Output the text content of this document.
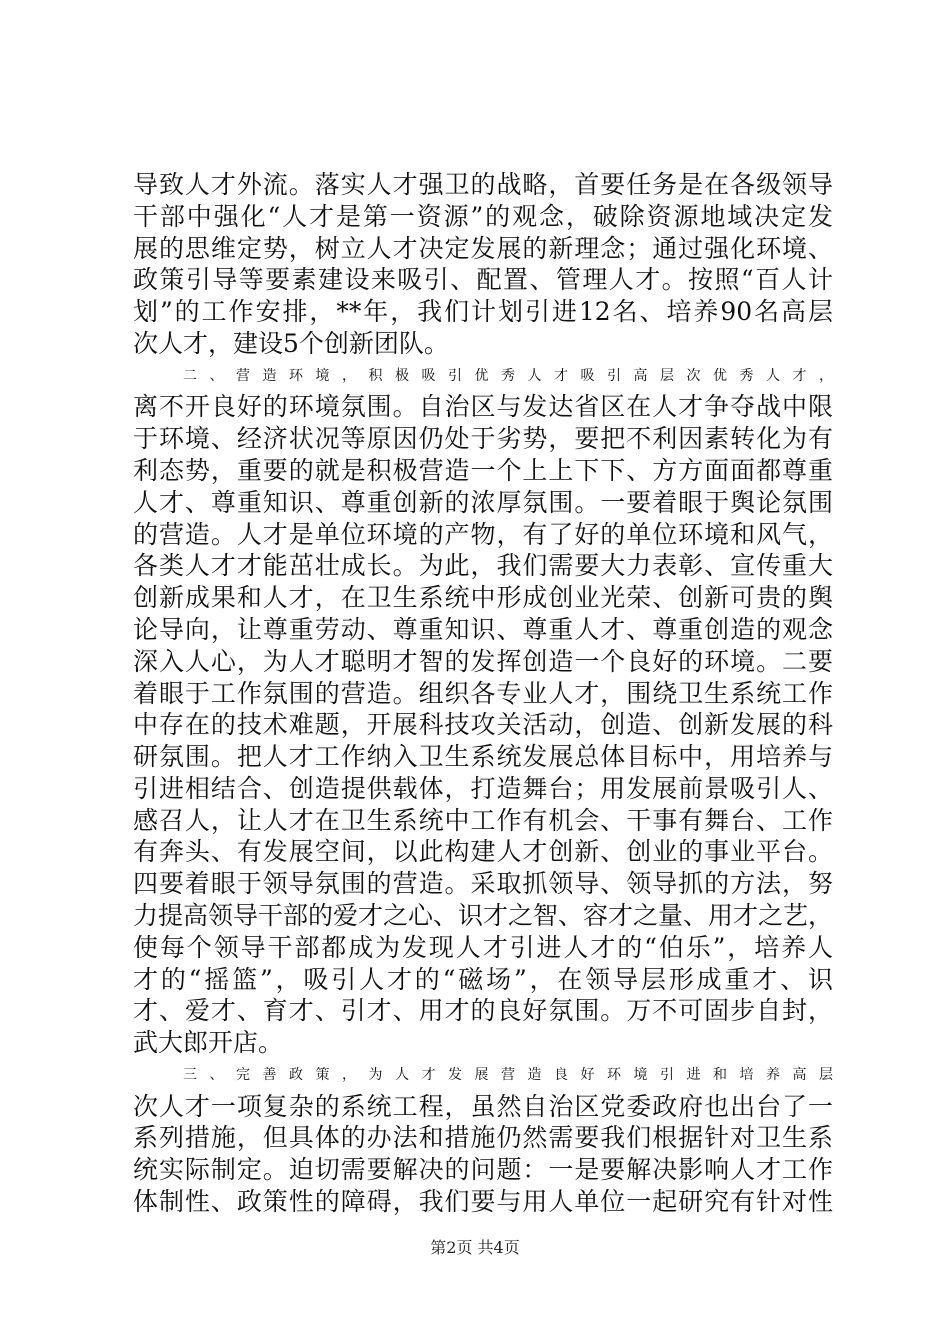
导致人才外流。落实人才强卫的战略，首要任务是在各级领导
干部中强化“人才是第一资源”的观念，破除资源地域决定发
展的思维定势，树立人才决定发展的新理念；通过强化环境、
政策引导等要素建设来吸引、配置、管理人才。按照“百人计
划”的工作安排，**年，我们计划引进12名、培养90名高层
次人才，建设5个创新团队。
二、营造环境，积极吸引优秀人才吸引高层次优秀人才，
离不开良好的环境氛围。自治区与发达省区在人才争夺战中限
于环境、经济状况等原因仍处于劣势，要把不利因素转化为有
利态势，重要的就是积极营造一个上上下下、方方面面都尊重
人才、尊重知识、尊重创新的浓厚氛围。一要着眼于舆论氛围
的营造。人才是单位环境的产物，有了好的单位环境和风气，
各类人才才能茁壮成长。为此，我们需要大力表彰、宣传重大
创新成果和人才，在卫生系统中形成创业光荣、创新可贵的舆
论导向，让尊重劳动、尊重知识、尊重人才、尊重创造的观念
深入人心，为人才聪明才智的发挥创造一个良好的环境。二要
着眼于工作氛围的营造。组织各专业人才，围绕卫生系统工作
中存在的技术难题，开展科技攻关活动，创造、创新发展的科
研氛围。把人才工作纳入卫生系统发展总体目标中，用培养与
引进相结合、创造提供载体，打造舞台；用发展前景吸引人、
感召人，让人才在卫生系统中工作有机会、干事有舞台、工作
有奔头、有发展空间，以此构建人才创新、创业的事业平台。
四要着眼于领导氛围的营造。采取抓领导、领导抓的方法，努
力提高领导干部的爱才之心、识才之智、容才之量、用才之艺，
使每个领导干部都成为发现人才引进人才的“伯乐”，培养人
才的“摇篮”，吸引人才的“磁场”，在领导层形成重才、识
才、爱才、育才、引才、用才的良好氛围。万不可固步自封，
武大郎开店。
三、完善政策，为人才发展营造良好环境引进和培养高层
次人才一项复杂的系统工程，虽然自治区党委政府也出台了一
系列措施，但具体的办法和措施仍然需要我们根据针对卫生系
统实际制定。迫切需要解决的问题：一是要解决影响人才工作
体制性、政策性的障碍，我们要与用人单位一起研究有针对性
第2页 共4页
